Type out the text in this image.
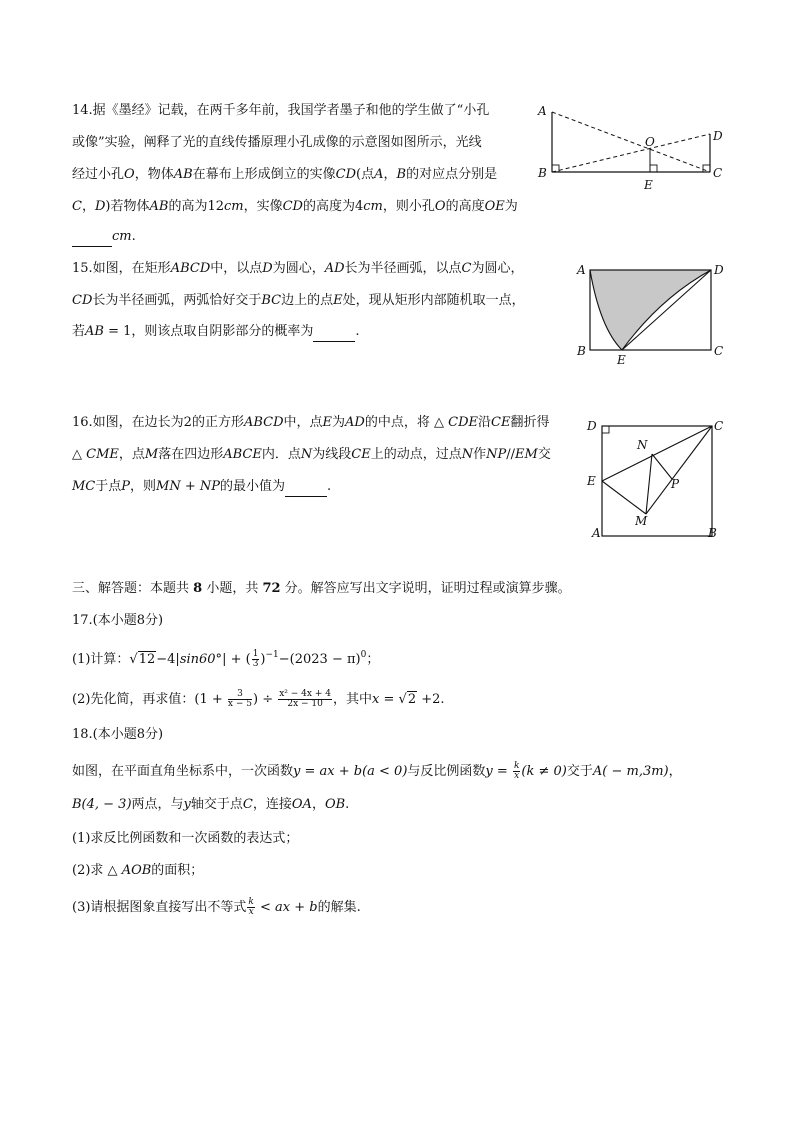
14.据《墨经》记载，在两千多年前，我国学者墨子和他的学生做了“小孔
或像”实验，阐释了光的直线传播原理小孔成像的示意图如图所示，光线
经过小孔O，物体AB在幕布上形成倒立的实像CD(点A，B的对应点分别是
C，D)若物体AB的高为12cm，实像CD的高度为4cm，则小孔O的高度OE为
cm.
A
B	C
D
O
E
15.如图，在矩形ABCD中，以点D为圆心，AD长为半径画弧，以点C为圆心，
CD长为半径画弧，两弧恰好交于BC边上的点E处，现从矩形内部随机取一点，
若AB = 1，则该点取自阴影部分的概率为	.
A	D
B	C
E
16.如图，在边长为2的正方形ABCD中，点E为AD的中点，将 △ CDE沿CE翻折得
△ CME，点M落在四边形ABCE内．点N为线段CE上的动点，过点N作NP//EM交
MC于点P，则MN + NP的最小值为	.
D	C
E
A	B
N
P
M
三、解答题：本题共 8 小题，共 72 分。解答应写出文字说明，证明过程或演算步骤。
17.(本小题8分)
(1)计算：√12−4|sin60°| + ( $\frac{1}{3} )^{-1}-(2023 - \pi)^0$；
(2)先化简，再求值：($1 + \frac{3}{x - 5}$ ) ÷ $\frac{\text{x² − 4x + 4}}{2x - 10}$ ，其中x = √2 +2.
18.(本小题8分)
如图，在平面直角坐标系中，一次函数y = ax + b(a < 0)与反比例函数$y = \frac{k}{x} (k \ne 0)$交于A( − m,3m)，
B(4, − 3)两点，与y轴交于点C，连接OA，OB.
(1)求反比例函数和一次函数的表达式；
(2)求 △ AOB的面积；
(3)请根据图象直接写出不等式 $\frac{k}{x}$ < ax + b的解集.
